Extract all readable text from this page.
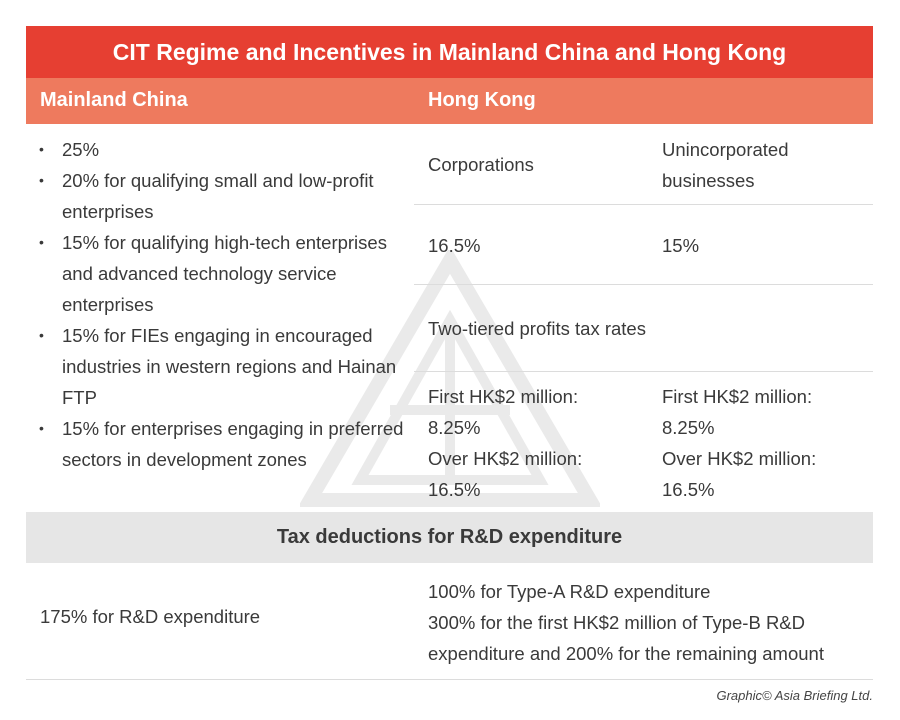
CIT Regime and Incentives in Mainland China and Hong Kong
Mainland China	Hong Kong
• 25%
• 20% for qualifying small and low-profit enterprises
• 15% for qualifying high-tech enterprises and advanced technology service enterprises
• 15% for FIEs engaging in encouraged industries in western regions and Hainan FTP
• 15% for enterprises engaging in preferred sectors in development zones
Corporations
Unincorporated businesses
16.5%	15%
Two-tiered profits tax rates
First HK$2 million:
8.25%
Over HK$2 million:
16.5%
First HK$2 million:
8.25%
Over HK$2 million:
16.5%
Tax deductions for R&D expenditure
175% for R&D expenditure
100% for Type-A R&D expenditure
300% for the first HK$2 million of Type-B R&D expenditure and 200% for the remaining amount
Graphic© Asia Briefing Ltd.
